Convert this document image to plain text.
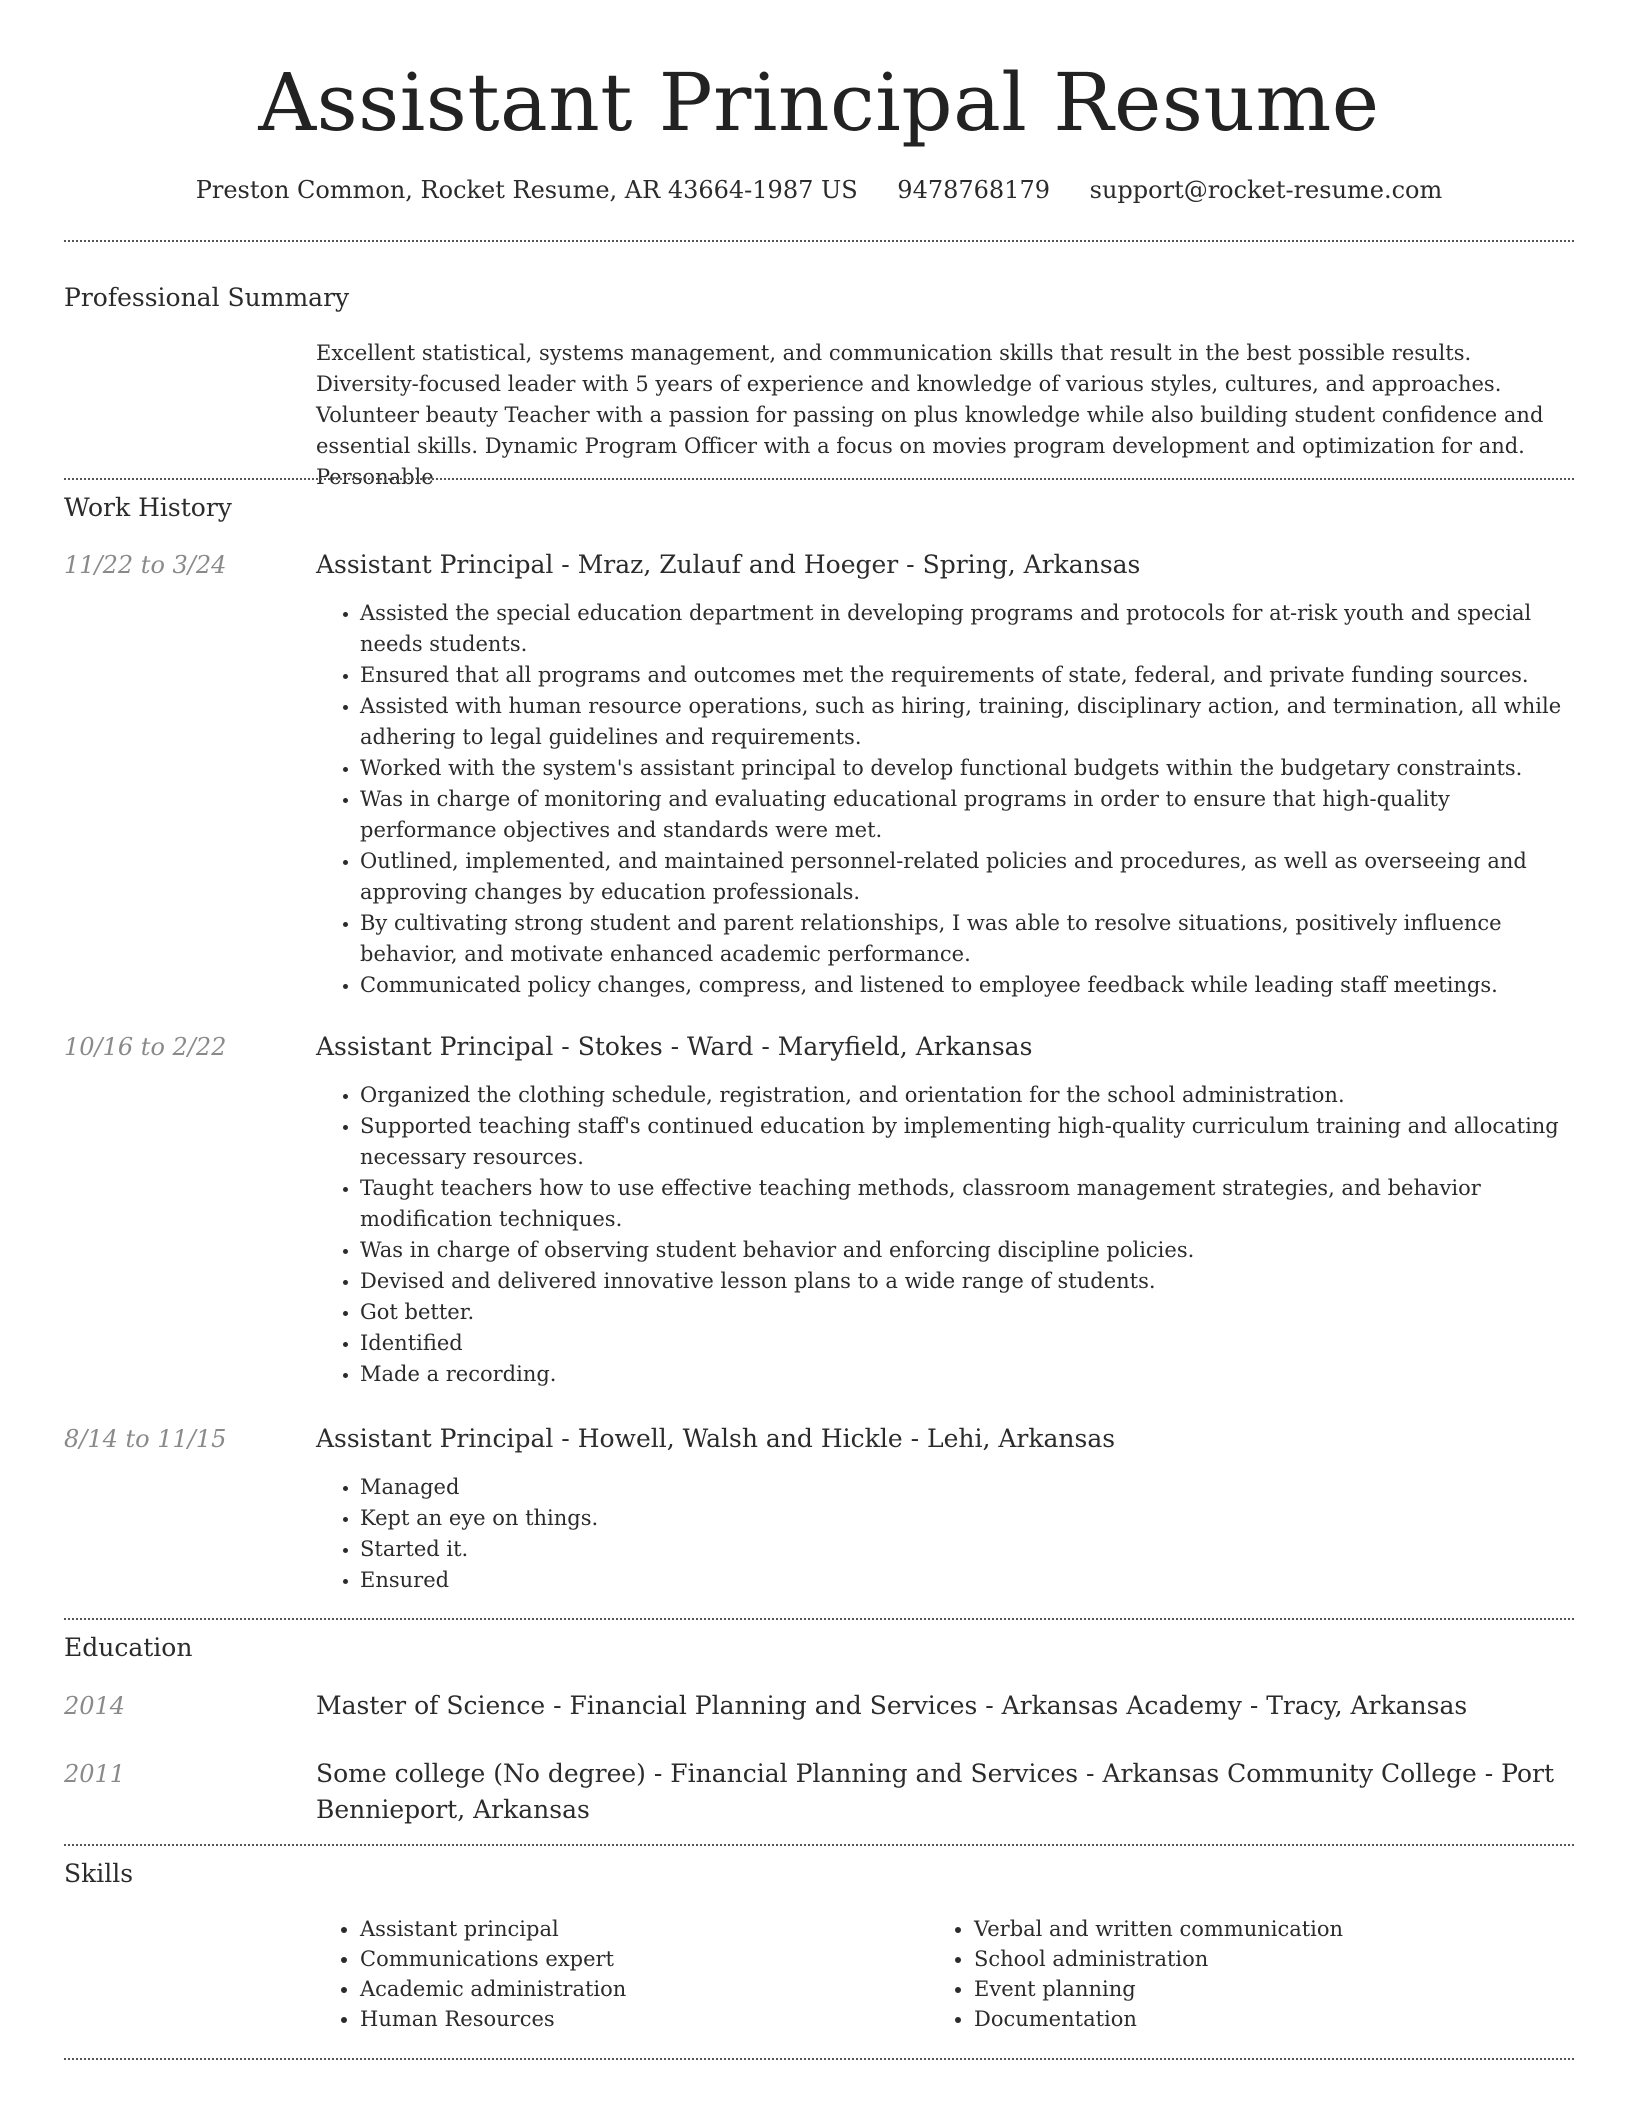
Assistant Principal Resume
Preston Common, Rocket Resume, AR 43664-1987 US 9478768179 support@rocket-resume.com
Professional Summary
Excellent statistical, systems management, and communication skills that result in the best possible results. Diversity-focused leader with 5 years of experience and knowledge of various styles, cultures, and approaches. Volunteer beauty Teacher with a passion for passing on plus knowledge while also building student confidence and essential skills. Dynamic Program Officer with a focus on movies program development and optimization for and. Personable
Work History
11/22 to 3/24	Assistant Principal - Mraz, Zulauf and Hoeger - Spring, Arkansas
• Assisted the special education department in developing programs and protocols for at-risk youth and special needs students.
• Ensured that all programs and outcomes met the requirements of state, federal, and private funding sources.
• Assisted with human resource operations, such as hiring, training, disciplinary action, and termination, all while adhering to legal guidelines and requirements.
• Worked with the system's assistant principal to develop functional budgets within the budgetary constraints.
• Was in charge of monitoring and evaluating educational programs in order to ensure that high-quality performance objectives and standards were met.
• Outlined, implemented, and maintained personnel-related policies and procedures, as well as overseeing and approving changes by education professionals.
• By cultivating strong student and parent relationships, I was able to resolve situations, positively influence behavior, and motivate enhanced academic performance.
• Communicated policy changes, compress, and listened to employee feedback while leading staff meetings.
10/16 to 2/22	Assistant Principal - Stokes - Ward - Maryfield, Arkansas
• Organized the clothing schedule, registration, and orientation for the school administration.
• Supported teaching staff's continued education by implementing high-quality curriculum training and allocating necessary resources.
• Taught teachers how to use effective teaching methods, classroom management strategies, and behavior modification techniques.
• Was in charge of observing student behavior and enforcing discipline policies.
• Devised and delivered innovative lesson plans to a wide range of students.
• Got better.
• Identified
• Made a recording.
8/14 to 11/15	Assistant Principal - Howell, Walsh and Hickle - Lehi, Arkansas
• Managed
• Kept an eye on things.
• Started it.
• Ensured
Education
2014	Master of Science - Financial Planning and Services - Arkansas Academy - Tracy, Arkansas
2011	Some college (No degree) - Financial Planning and Services - Arkansas Community College - Port Bennieport, Arkansas
Skills
• Assistant principal
• Communications expert
• Academic administration
• Human Resources
• Verbal and written communication
• School administration
• Event planning
• Documentation
